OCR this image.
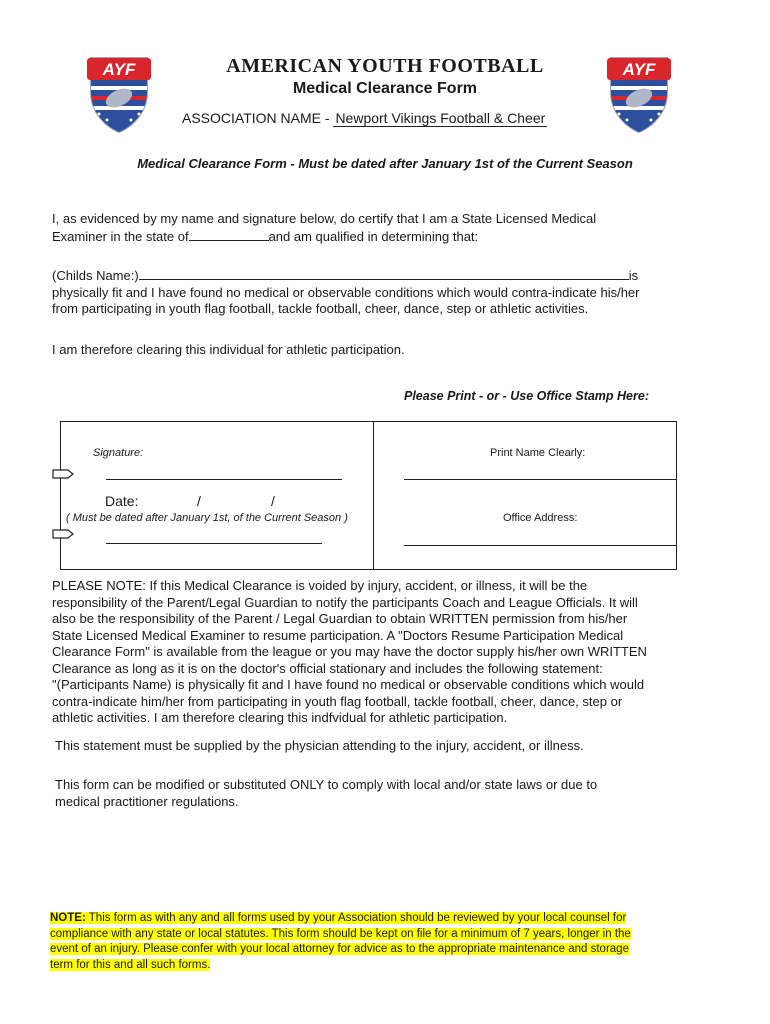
AYF	AYF
AMERICAN YOUTH FOOTBALL
Medical Clearance Form
ASSOCIATION NAME - Newport Vikings Football & Cheer
Medical Clearance Form - Must be dated after January 1st of the Current Season
I, as evidenced by my name and signature below, do certify that I am a State Licensed Medical
Examiner in the state of	and am qualified in determining that:
(Childs Name:)	is
physically fit and I have found no medical or observable conditions which would contra-indicate his/her
from participating in youth flag football, tackle football, cheer, dance, step or athletic activities.
I am therefore clearing this individual for athletic participation.
Please Print - or - Use Office Stamp Here:
Signature:	Print Name Clearly:
Date:	/	/
( Must be dated after January 1st, of the Current Season )	Office Address:
PLEASE NOTE: If this Medical Clearance is voided by injury, accident, or illness, it will be the
responsibility of the Parent/Legal Guardian to notify the participants Coach and League Officials. It will
also be the responsibility of the Parent / Legal Guardian to obtain WRITTEN permission from his/her
State Licensed Medical Examiner to resume participation. A "Doctors Resume Participation Medical
Clearance Form" is available from the league or you may have the doctor supply his/her own WRITTEN
Clearance as long as it is on the doctor's official stationary and includes the following statement:
"(Participants Name) is physically fit and I have found no medical or observable conditions which would
contra-indicate him/her from participating in youth flag football, tackle football, cheer, dance, step or
athletic activities. I am therefore clearing this indfvidual for athletic participation.
This statement must be supplied by the physician attending to the injury, accident, or illness.
This form can be modified or substituted ONLY to comply with local and/or state laws or due to
medical practitioner regulations.
NOTE: This form as with any and all forms used by your Association should be reviewed by your local counsel for
compliance with any state or local statutes. This form should be kept on file for a minimum of 7 years, longer in the
event of an injury. Please confer with your local attorney for advice as to the appropriate maintenance and storage
term for this and all such forms.
